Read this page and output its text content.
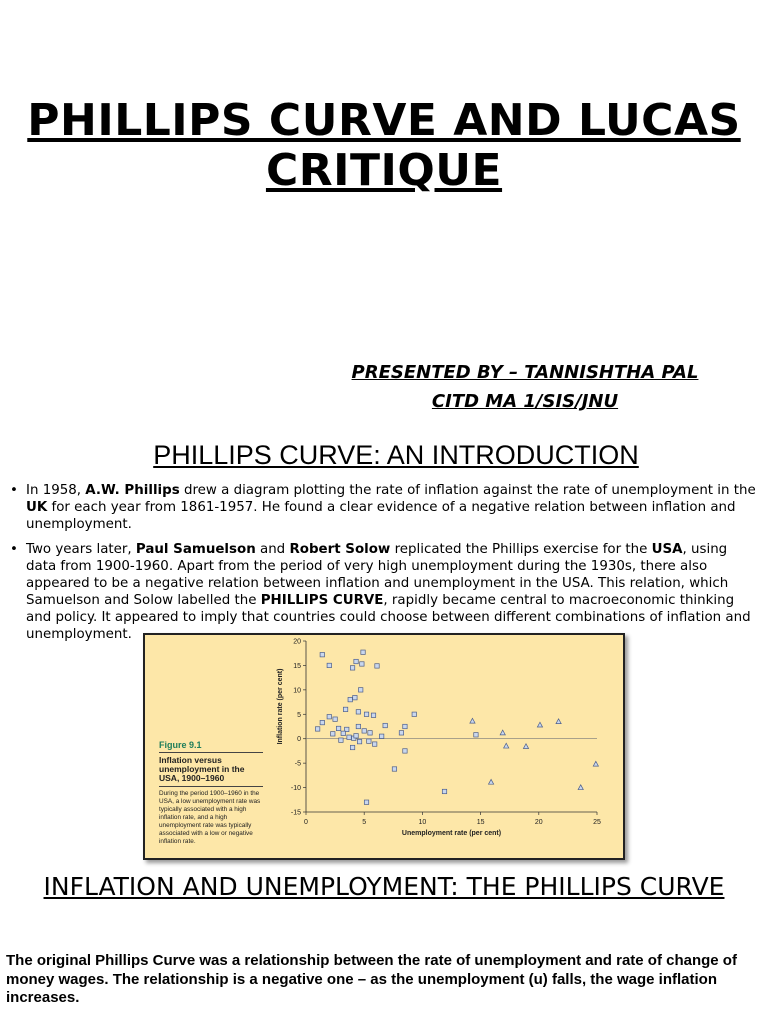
PHILLIPS CURVE AND LUCAS CRITIQUE
PRESENTED BY – TANNISHTHA PAL
CITD MA 1/SIS/JNU
PHILLIPS CURVE: AN INTRODUCTION
• In 1958, A.W. Phillips drew a diagram plotting the rate of inflation against the rate of unemployment in the UK for each year from 1861-1957. He found a clear evidence of a negative relation between inflation and unemployment.
• Two years later, Paul Samuelson and Robert Solow replicated the Phillips exercise for the USA, using data from 1900-1960. Apart from the period of very high unemployment during the 1930s, there also appeared to be a negative relation between inflation and unemployment in the USA. This relation, which Samuelson and Solow labelled the PHILLIPS CURVE, rapidly became central to macroeconomic thinking and policy. It appeared to imply that countries could choose between different combinations of inflation and unemployment.
Figure 9.1
Inflation versus unemployment in the USA, 1900–1960
During the period 1900–1960 in the USA, a low unemployment rate was typically associated with a high inflation rate, and a high unemployment rate was typically associated with a low or negative inflation rate.
-15
-10
-5
0
5
10
15
20
0	5	10	15	20	25
Unemployment rate (per cent)
Inflation rate (per cent)
INFLATION AND UNEMPLOYMENT: THE PHILLIPS CURVE
The original Phillips Curve was a relationship between the rate of unemployment and rate of change of money wages. The relationship is a negative one – as the unemployment (u) falls, the wage inflation increases.
